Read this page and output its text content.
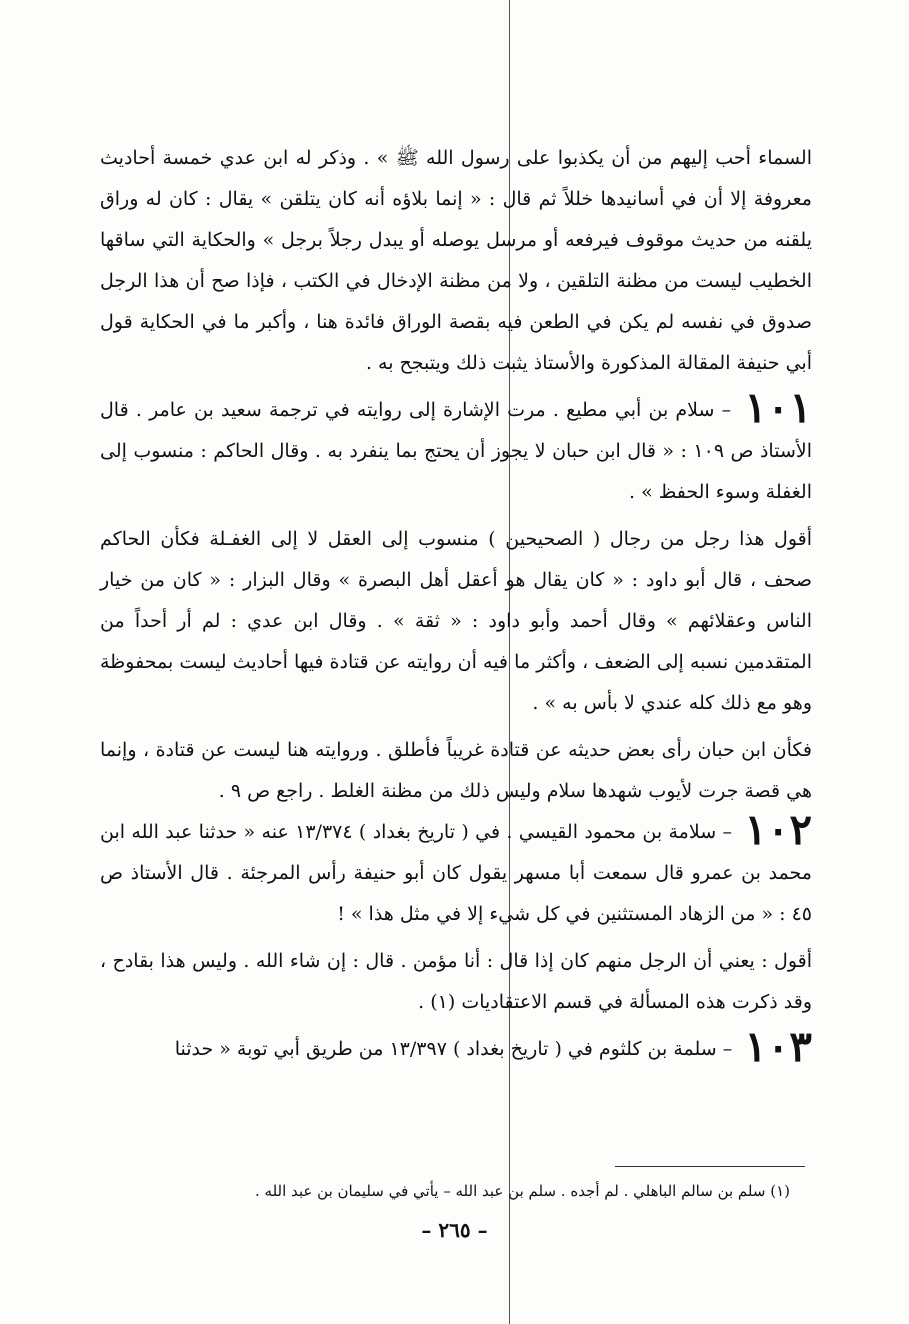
السماء أحب إليهم من أن يكذبوا على رسول الله ﷺ » . وذكر له ابن عدي خمسة أحاديث معروفة إلا أن في أسانيدها خللاً ثم قال : « إنما بلاؤه أنه كان يتلقن » يقال : كان له وراق يلقنه من حديث موقوف فيرفعه أو مرسل يوصله أو يبدل رجلاً برجل » والحكاية التي ساقها الخطيب ليست من مظنة التلقين ، ولا من مظنة الإدخال في الكتب ، فإذا صح أن هذا الرجل صدوق في نفسه لم يكن في الطعن فيه بقصة الوراق فائدة هنا ، وأكبر ما في الحكاية قول أبي حنيفة المقالة المذكورة والأستاذ يثبت ذلك ويتبجح به .

١٠١ – سلام بن أبي مطيع . مرت الإشارة إلى روايته في ترجمة سعيد بن عامر . قال الأستاذ ص ١٠٩ : « قال ابن حبان لا يجوز أن يحتج بما ينفرد به . وقال الحاكم : منسوب إلى الغفلة وسوء الحفظ » .

أقول هذا رجل من رجال ( الصحيحين ) منسوب إلى العقل لا إلى الغفـلة فكأن الحاكم صحف ، قال أبو داود : « كان يقال هو أعقل أهل البصرة » وقال البزار : « كان من خيار الناس وعقلائهم » وقال أحمد وأبو داود : « ثقة » . وقال ابن عدي : لم أر أحداً من المتقدمين نسبه إلى الضعف ، وأكثر ما فيه أن روايته عن قتادة فيها أحاديث ليست بمحفوظة وهو مع ذلك كله عندي لا بأس به » .

فكأن ابن حبان رأى بعض حديثه عن قتادة غريباً فأطلق . وروايته هنا ليست عن قتادة ، وإنما هي قصة جرت لأيوب شهدها سلام وليس ذلك من مظنة الغلط . راجع ص ٩ .

١٠٢ – سلامة بن محمود القيسي . في ( تاريخ بغداد ) ١٣/٣٧٤ عنه « حدثنا عبد الله ابن محمد بن عمرو قال سمعت أبا مسهر يقول كان أبو حنيفة رأس المرجئة . قال الأستاذ ص ٤٥ : « من الزهاد المستثنين في كل شيء إلا في مثل هذا » !

أقول : يعني أن الرجل منهم كان إذا قال : أنا مؤمن . قال : إن شاء الله . وليس هذا بقادح ، وقد ذكرت هذه المسألة في قسم الاعتقاديات (١) .

١٠٣ – سلمة بن كلثوم في ( تاريخ بغداد ) ١٣/٣٩٧ من طريق أبي توبة « حدثنا

(١) سلم بن سالم الباهلي . لم أجده . سلم بن عبد الله – يأتي في سليمان بن عبد الله .
– ٢٦٥ –
